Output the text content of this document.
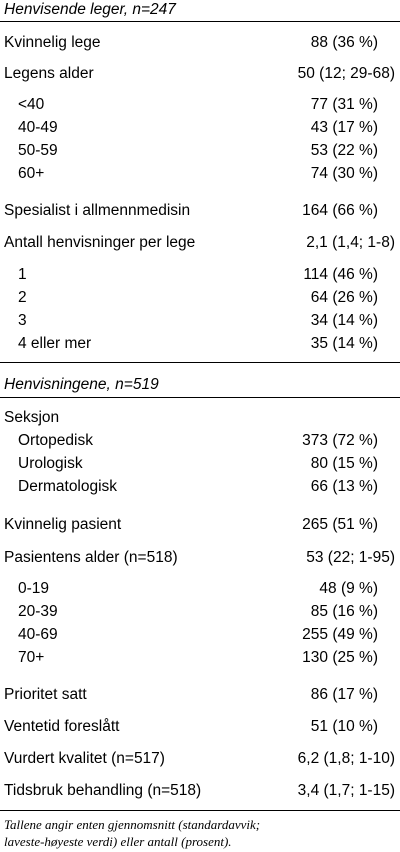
Henvisende leger, n=247
Kvinnelig lege	88 (36 %)
Legens alder	50 (12; 29-68)
<40	77 (31 %)
40-49	43 (17 %)
50-59	53 (22 %)
60+	74 (30 %)
Spesialist i allmennmedisin	164 (66 %)
Antall henvisninger per lege	2,1 (1,4; 1-8)
1	114 (46 %)
2	64 (26 %)
3	34 (14 %)
4 eller mer	35 (14 %)
Henvisningene, n=519
Seksjon
Ortopedisk	373 (72 %)
Urologisk	80 (15 %)
Dermatologisk	66 (13 %)
Kvinnelig pasient	265 (51 %)
Pasientens alder (n=518)	53 (22; 1-95)
0-19	48 (9 %)
20-39	85 (16 %)
40-69	255 (49 %)
70+	130 (25 %)
Prioritet satt	86 (17 %)
Ventetid foreslått	51 (10 %)
Vurdert kvalitet (n=517)	6,2 (1,8; 1-10)
Tidsbruk behandling (n=518)	3,4 (1,7; 1-15)
Tallene angir enten gjennomsnitt (standardavvik;
laveste-høyeste verdi) eller antall (prosent).
